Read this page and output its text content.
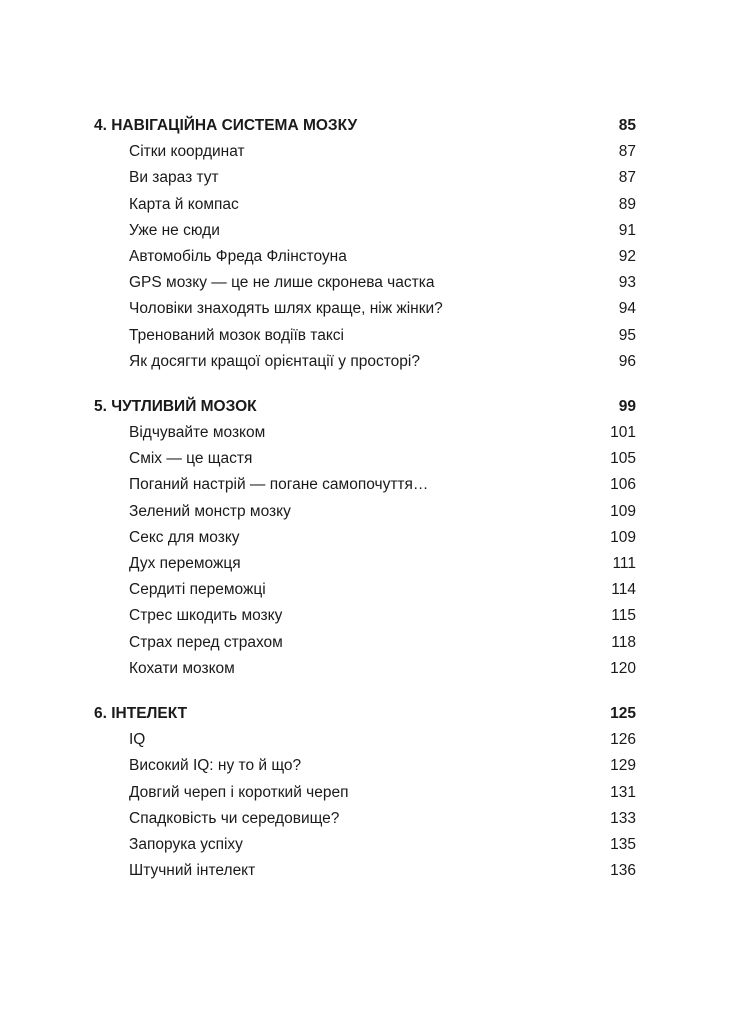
4. НАВІГАЦІЙНА СИСТЕМА МОЗКУ	85
Сітки координат	87
Ви зараз тут	87
Карта й компас	89
Уже не сюди	91
Автомобіль Фреда Флінстоуна	92
GPS мозку — це не лише скронева частка	93
Чоловіки знаходять шлях краще, ніж жінки?	94
Тренований мозок водіїв таксі	95
Як досягти кращої орієнтації у просторі?	96
5. ЧУТЛИВИЙ МОЗОК	99
Відчувайте мозком	101
Сміх — це щастя	105
Поганий настрій — погане самопочуття…	106
Зелений монстр мозку	109
Секс для мозку	109
Дух переможця	111
Сердиті переможці	114
Стрес шкодить мозку	115
Страх перед страхом	118
Кохати мозком	120
6. ІНТЕЛЕКТ	125
IQ	126
Високий IQ: ну то й що?	129
Довгий череп і короткий череп	131
Спадковість чи середовище?	133
Запорука успіху	135
Штучний інтелект	136
